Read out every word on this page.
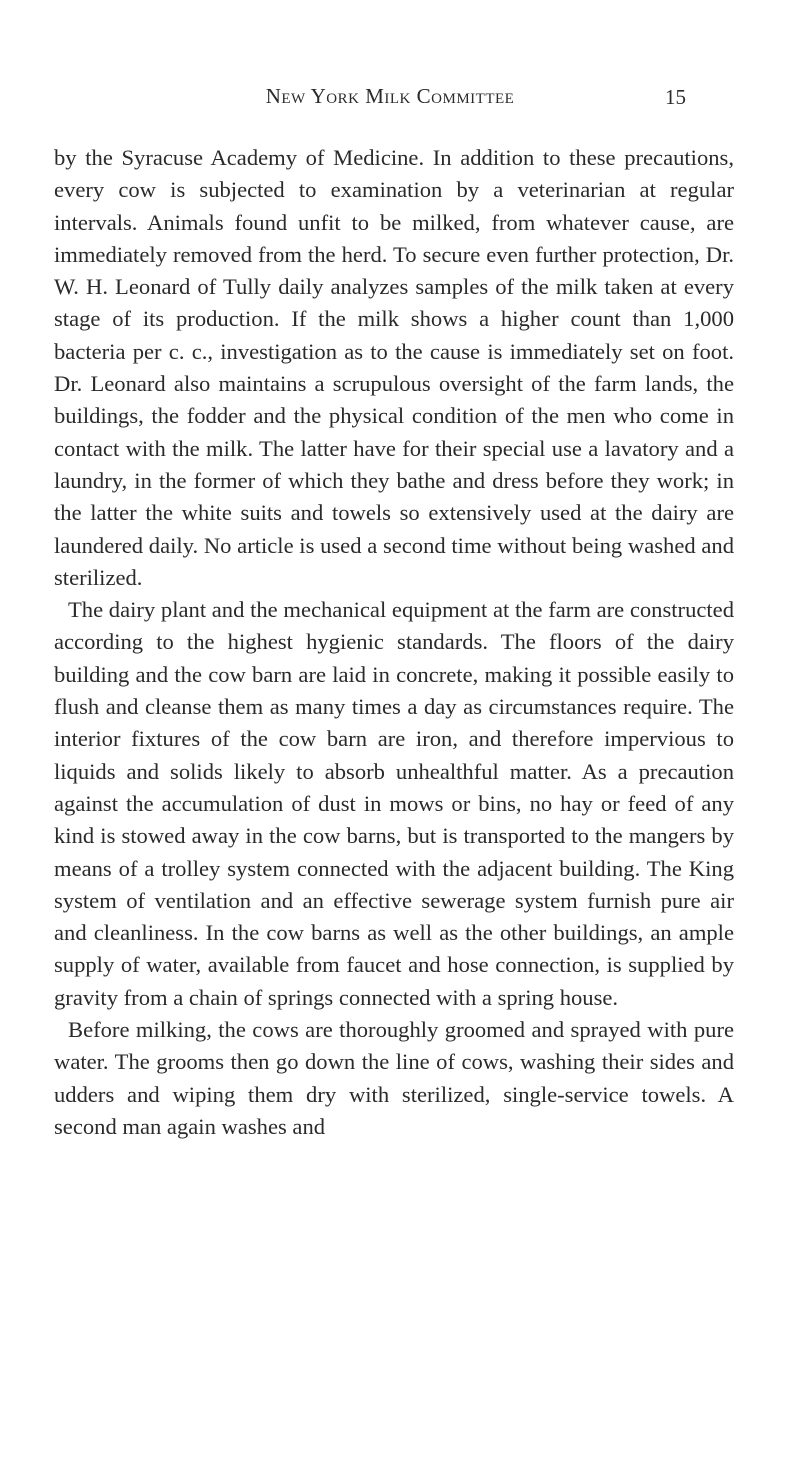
New York Milk Committee	15

by the Syracuse Academy of Medicine. In addition to these precautions, every cow is subjected to examination by a veterinarian at regular intervals. Animals found unfit to be milked, from whatever cause, are immediately removed from the herd. To secure even further protection, Dr. W. H. Leonard of Tully daily analyzes samples of the milk taken at every stage of its production. If the milk shows a higher count than 1,000 bacteria per c. c., investigation as to the cause is immediately set on foot. Dr. Leonard also maintains a scrupulous oversight of the farm lands, the buildings, the fodder and the physical condition of the men who come in contact with the milk. The latter have for their special use a lavatory and a laundry, in the former of which they bathe and dress before they work; in the latter the white suits and towels so extensively used at the dairy are laundered daily. No article is used a second time without being washed and sterilized.

The dairy plant and the mechanical equipment at the farm are constructed according to the highest hygienic standards. The floors of the dairy building and the cow barn are laid in concrete, making it possible easily to flush and cleanse them as many times a day as circumstances require. The interior fixtures of the cow barn are iron, and therefore impervious to liquids and solids likely to absorb unhealthful matter. As a precaution against the accumulation of dust in mows or bins, no hay or feed of any kind is stowed away in the cow barns, but is transported to the mangers by means of a trolley system connected with the adjacent building. The King system of ventilation and an effective sewerage system furnish pure air and cleanliness. In the cow barns as well as the other buildings, an ample supply of water, available from faucet and hose connection, is supplied by gravity from a chain of springs connected with a spring house.

Before milking, the cows are thoroughly groomed and sprayed with pure water. The grooms then go down the line of cows, washing their sides and udders and wiping them dry with sterilized, single-service towels. A second man again washes and
